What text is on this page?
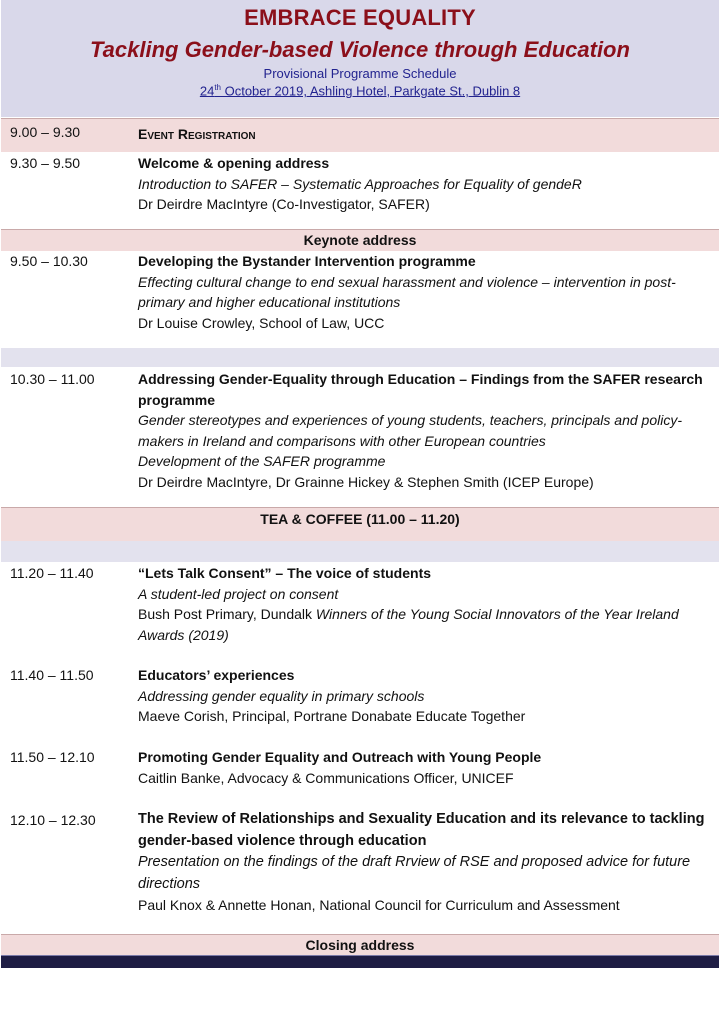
EMBRACE EQUALITY
Tackling Gender-based Violence through Education
Provisional Programme Schedule
24th October 2019, Ashling Hotel, Parkgate St., Dublin 8
9.00 – 9.30	Event Registration
9.30 – 9.50	Welcome & opening address
Introduction to SAFER – Systematic Approaches for Equality of gendeR
Dr Deirdre MacIntyre (Co-Investigator, SAFER)
Keynote address
9.50 – 10.30	Developing the Bystander Intervention programme
Effecting cultural change to end sexual harassment and violence – intervention in post-primary and higher educational institutions
Dr Louise Crowley, School of Law, UCC
10.30 – 11.00	Addressing Gender-Equality through Education – Findings from the SAFER research programme
Gender stereotypes and experiences of young students, teachers, principals and policy-makers in Ireland and comparisons with other European countries
Development of the SAFER programme
Dr Deirdre MacIntyre, Dr Grainne Hickey & Stephen Smith (ICEP Europe)
TEA & COFFEE (11.00 – 11.20)
11.20 – 11.40	“Lets Talk Consent” – The voice of students
A student-led project on consent
Bush Post Primary, Dundalk Winners of the Young Social Innovators of the Year Ireland Awards (2019)
11.40 – 11.50	Educators’ experiences
Addressing gender equality in primary schools
Maeve Corish, Principal, Portrane Donabate Educate Together
11.50 – 12.10	Promoting Gender Equality and Outreach with Young People
Caitlin Banke, Advocacy & Communications Officer, UNICEF
12.10 – 12.30	The Review of Relationships and Sexuality Education and its relevance to tackling gender-based violence through education
Presentation on the findings of the draft Rrview of RSE and proposed advice for future directions
Paul Knox & Annette Honan, National Council for Curriculum and Assessment
Closing address
